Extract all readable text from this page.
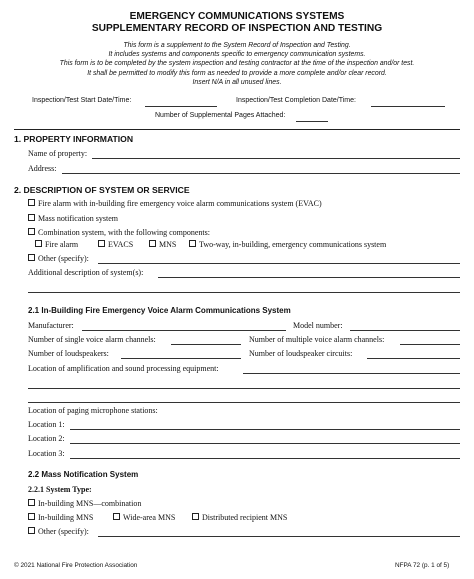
EMERGENCY COMMUNICATIONS SYSTEMS
SUPPLEMENTARY RECORD OF INSPECTION AND TESTING
This form is a supplement to the System Record of Inspection and Testing.
It includes systems and components specific to emergency communication systems.
This form is to be completed by the system inspection and testing contractor at the time of the inspection and/or test.
It shall be permitted to modify this form as needed to provide a more complete and/or clear record.
Insert N/A in all unused lines.
Inspection/Test Start Date/Time:	Inspection/Test Completion Date/Time:
Number of Supplemental Pages Attached:
1. PROPERTY INFORMATION
Name of property:
Address:
2. DESCRIPTION OF SYSTEM OR SERVICE
Fire alarm with in-building fire emergency voice alarm communications system (EVAC)
Mass notification system
Combination system, with the following components:
Fire alarm	EVACS	MNS	Two-way, in-building, emergency communications system
Other (specify):
Additional description of system(s):
2.1 In-Building Fire Emergency Voice Alarm Communications System
Manufacturer:	Model number:
Number of single voice alarm channels:	Number of multiple voice alarm channels:
Number of loudspeakers:	Number of loudspeaker circuits:
Location of amplification and sound processing equipment:
Location of paging microphone stations:
Location 1:
Location 2:
Location 3:
2.2 Mass Notification System
2.2.1 System Type:
In-building MNS—combination
In-building MNS	Wide-area MNS	Distributed recipient MNS
Other (specify):
© 2021 National Fire Protection Association	NFPA 72 (p. 1 of 5)
